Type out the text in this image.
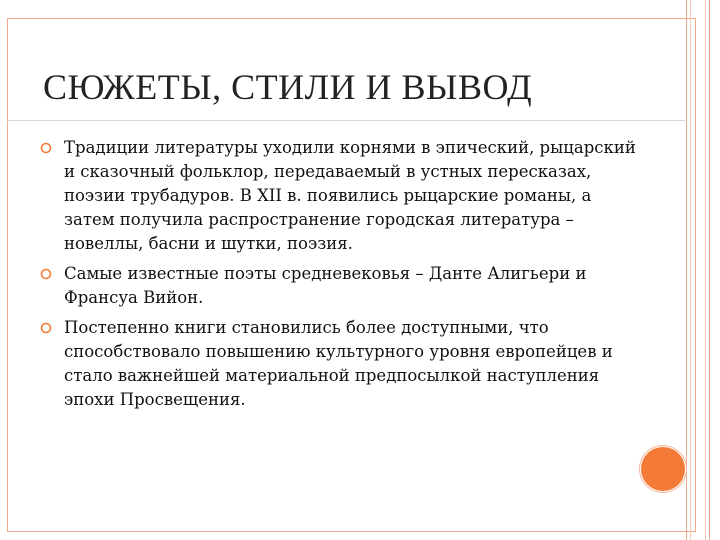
СЮЖЕТЫ, СТИЛИ И ВЫВОД
Традиции литературы уходили корнями в эпический, рыцарский и сказочный фольклор, передаваемый в устных пересказах, поэзии трубадуров. В XII в. появились рыцарские романы, а затем получила распространение городская литература – новеллы, басни и шутки, поэзия.
Самые известные поэты средневековья – Данте Алигьери и Франсуа Вийон.
Постепенно книги становились более доступными, что способствовало повышению культурного уровня европейцев и стало важнейшей материальной предпосылкой наступления эпохи Просвещения.
